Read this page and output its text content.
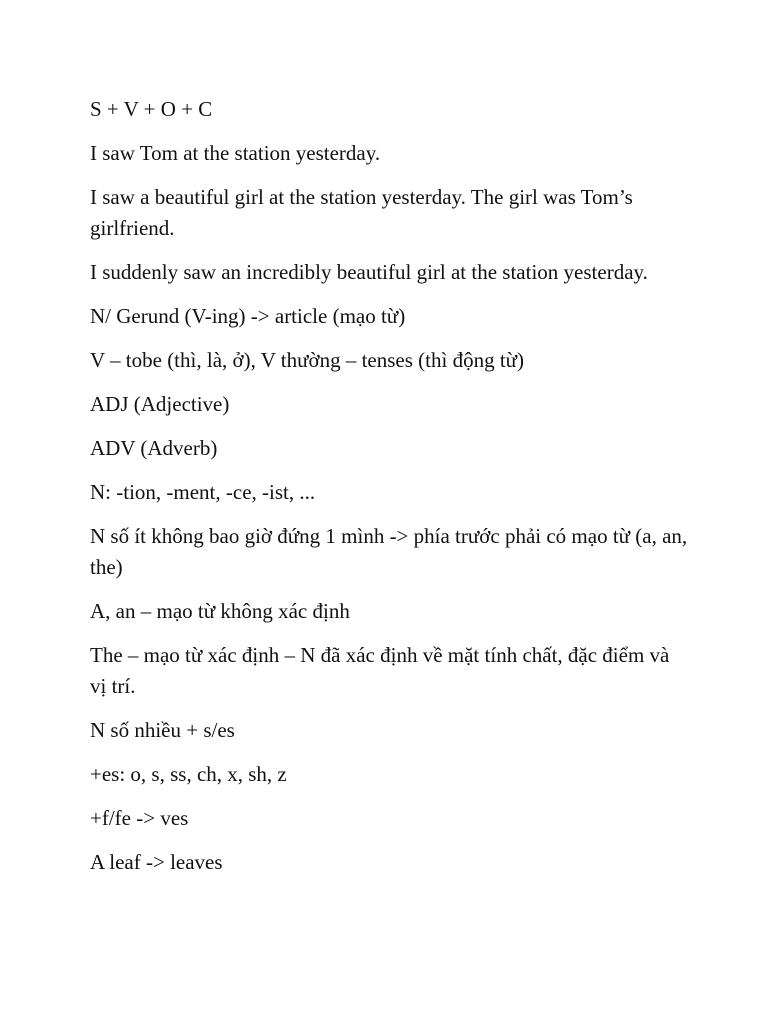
S + V + O + C

I saw Tom at the station yesterday.

I saw a beautiful girl at the station yesterday. The girl was Tom’s girlfriend.

I suddenly saw an incredibly beautiful girl at the station yesterday.

N/ Gerund (V-ing) -> article (mạo từ)

V – tobe (thì, là, ở), V thường – tenses (thì động từ)

ADJ (Adjective)

ADV (Adverb)

N: -tion, -ment, -ce, -ist, ...

N số ít không bao giờ đứng 1 mình -> phía trước phải có mạo từ (a, an, the)

A, an – mạo từ không xác định

The – mạo từ xác định – N đã xác định về mặt tính chất, đặc điểm và vị trí.

N số nhiều + s/es

+es: o, s, ss, ch, x, sh, z

+f/fe -> ves

A leaf -> leaves
